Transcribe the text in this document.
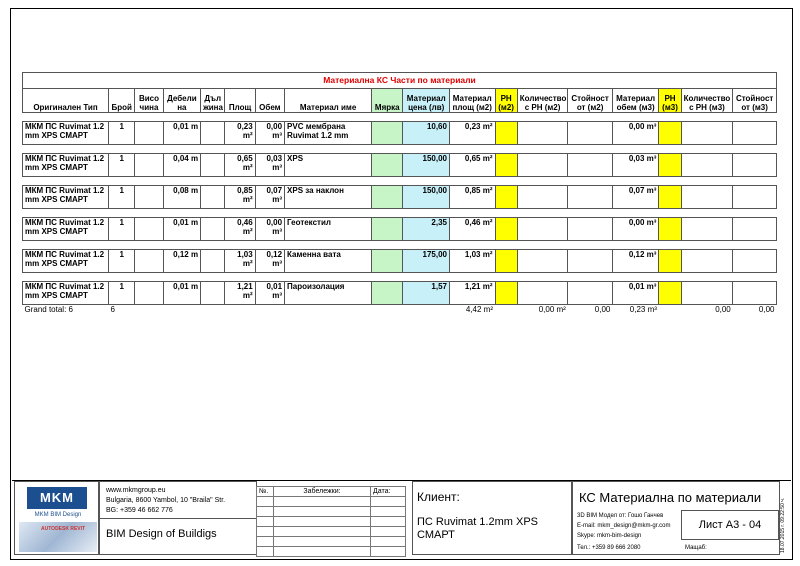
Материална КС Части по материали																	
Оригинален Тип	Брой	Висо чина	Дебели на	Дъл жина	Площ	Обем	Материал име	Мярка	Материал цена (лв)	Материал площ (м2)	PH (м2)	Количество с PH (м2)	Стойност от (м2)	Материал обем (м3)	PH (м3)	Количество с PH (м3)	Стойност от (м3)

МКМ ПС Ruvimat 1.2 mm XPS СМАРТ	1		0,01 m		0,23 m²	0,00 m³	PVC мембрана Ruvimat 1.2 mm		10,60	0,23 m²				0,00 m³			

МКМ ПС Ruvimat 1.2 mm XPS СМАРТ	1		0,04 m		0,65 m²	0,03 m³	XPS		150,00	0,65 m²				0,03 m³			

МКМ ПС Ruvimat 1.2 mm XPS СМАРТ	1		0,08 m		0,85 m²	0,07 m³	XPS за наклон		150,00	0,85 m²				0,07 m³			

МКМ ПС Ruvimat 1.2 mm XPS СМАРТ	1		0,01 m		0,46 m²	0,00 m³	Геотекстил		2,35	0,46 m²				0,00 m³			

МКМ ПС Ruvimat 1.2 mm XPS СМАРТ	1		0,12 m		1,03 m²	0,12 m³	Каменна вата		175,00	1,03 m²				0,12 m³			

МКМ ПС Ruvimat 1.2 mm XPS СМАРТ	1		0,01 m		1,21 m²	0,01 m³	Пароизолация		1,57	1,21 m²				0,01 m³			
Grand total: 6	6									4,42 m²		0,00 m²	0,00	0,23 m³		0,00	0,00
MKM
MKM BIM Design
AUTODESK REVIT
www.mkmgroup.eu
Bulgaria, 8600 Yambol, 10 "Braila" Str.
BG: +359 46 662 776
BIM Design of Buildigs
№.	Забележки:	Дата:

		Клиент:
ПС Ruvimat 1.2mm XPS СМАРТ
КС Материална по материали
3D BIM Модел от: Гошо Ганчев
E-mail: mkm_design@mkm-gr.com
Skype: mkm-bim-design
Тел.: +359 89 666 2080
Лист А3 - 04
Мащаб:	18.07.2015 г. 09:22:50 ч.
